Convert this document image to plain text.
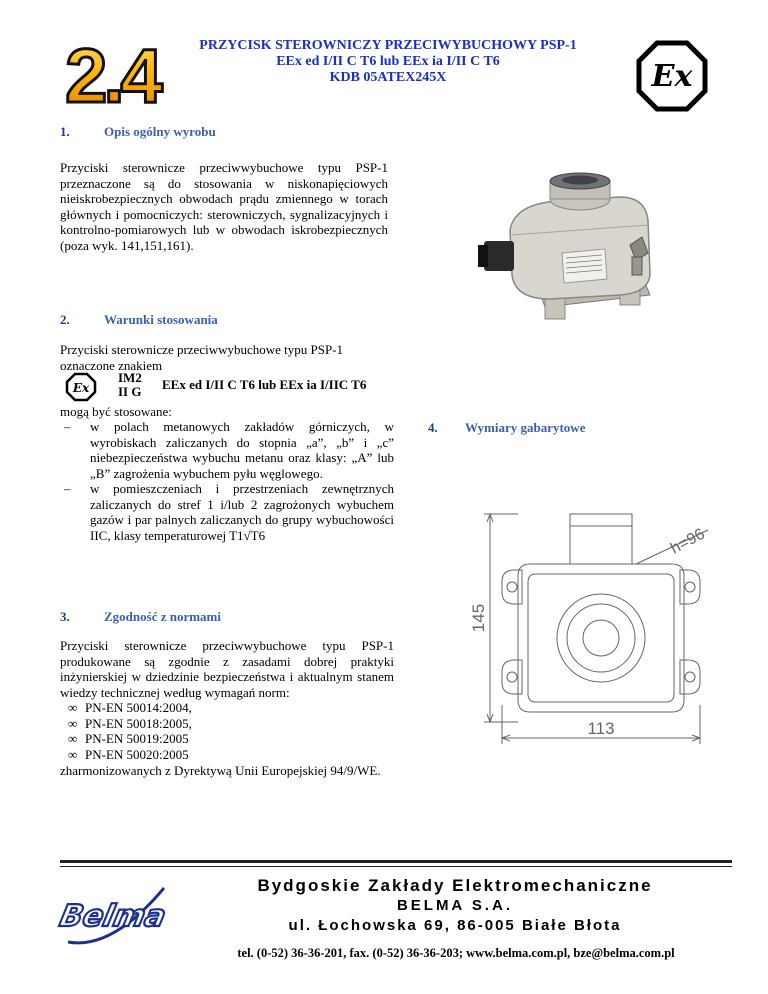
2.4	PRZYCISK STEROWNICZY PRZECIWYBUCHOWY PSP-1
EEx ed I/II C T6 lub EEx ia I/II C T6
KDB 05ATEX245X	Ex
1.	Opis ogólny wyrobu
Przyciski sterownicze przeciwwybuchowe typu PSP-1 przeznaczone są do stosowania w niskonapięciowych nieiskrobezpiecznych obwodach prądu zmiennego w torach głównych i pomocniczych: sterowniczych, sygnalizacyjnych i kontrolno-pomiarowych lub w obwodach iskrobezpiecznych (poza wyk. 141,151,161).
2.	Warunki stosowania
Przyciski sterownicze przeciwwybuchowe typu PSP-1 oznaczone znakiem
Ex
IM2
II G EEx ed I/II C T6 lub EEx ia I/IIC T6
mogą być stosowane:
– w polach metanowych zakładów górniczych, w wyrobiskach zaliczanych do stopnia „a”, „b” i „c” niebezpieczeństwa wybuchu metanu oraz klasy: „A” lub „B” zagrożenia wybuchem pyłu węglowego.
– w pomieszczeniach i przestrzeniach zewnętrznych zaliczanych do stref 1 i/lub 2 zagrożonych wybuchem gazów i par palnych zaliczanych do grupy wybuchowości IIC, klasy temperaturowej T1√T6
3.	Zgodność z normami
Przyciski sterownicze przeciwwybuchowe typu PSP-1 produkowane są zgodnie z zasadami dobrej praktyki inżynierskiej w dziedzinie bezpieczeństwa i aktualnym stanem wiedzy technicznej według wymagań norm:
∞ PN-EN 50014:2004,
∞ PN-EN 50018:2005,
∞ PN-EN 50019:2005
∞ PN-EN 50020:2005
zharmonizowanych z Dyrektywą Unii Europejskiej 94/9/WE.
4. Wymiary gabarytowe
145
113
h=96
Belma
Bydgoskie Zakłady Elektromechaniczne
BELMA S.A.
ul. Łochowska 69, 86-005 Białe Błota
tel. (0-52) 36-36-201, fax. (0-52) 36-36-203; www.belma.com.pl, bze@belma.com.pl
